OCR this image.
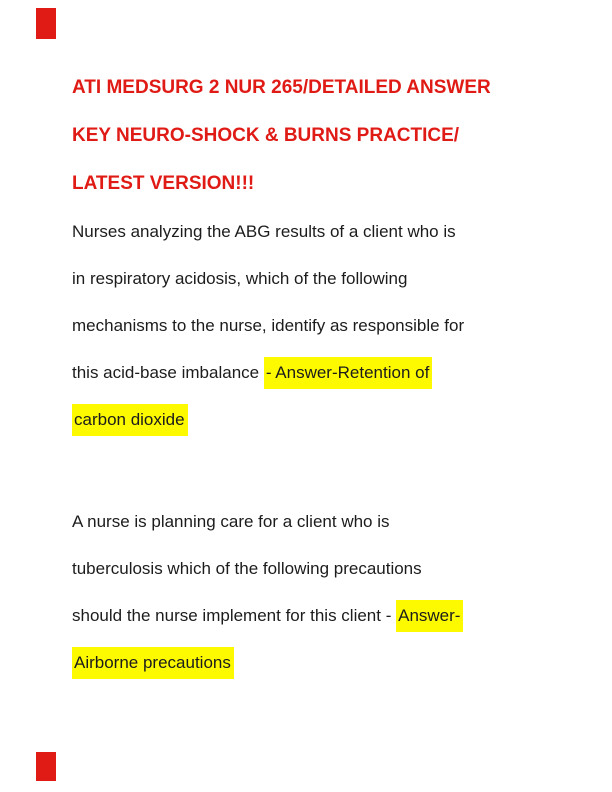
ATI MEDSURG 2 NUR 265/DETAILED ANSWER
KEY NEURO-SHOCK & BURNS PRACTICE/
LATEST VERSION!!!

Nurses analyzing the ABG results of a client who is
in respiratory acidosis, which of the following
mechanisms to the nurse, identify as responsible for
this acid-base imbalance - Answer-Retention of
carbon dioxide

A nurse is planning care for a client who is
tuberculosis which of the following precautions
should the nurse implement for this client - Answer-
Airborne precautions
